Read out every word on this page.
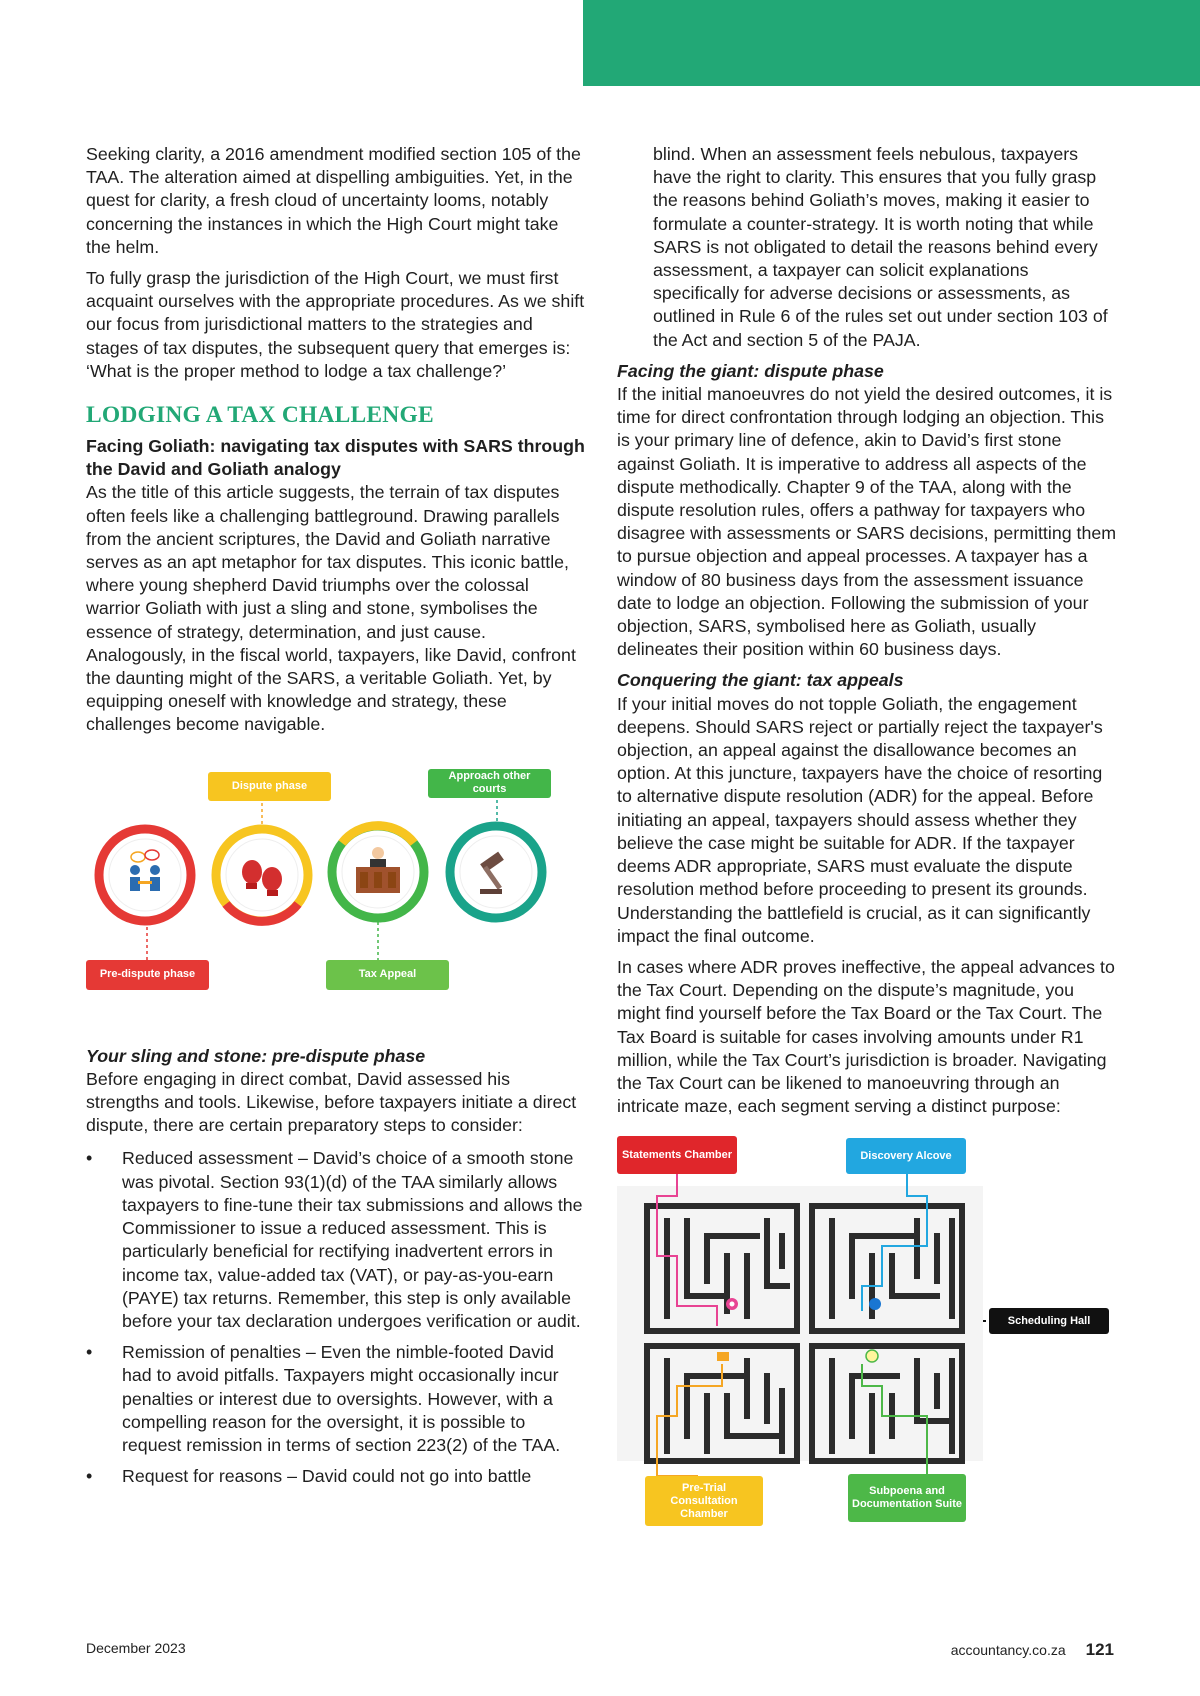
Seeking clarity, a 2016 amendment modified section 105 of the TAA. The alteration aimed at dispelling ambiguities. Yet, in the quest for clarity, a fresh cloud of uncertainty looms, notably concerning the instances in which the High Court might take the helm.

To fully grasp the jurisdiction of the High Court, we must first acquaint ourselves with the appropriate procedures. As we shift our focus from jurisdictional matters to the strategies and stages of tax disputes, the subsequent query that emerges is: ‘What is the proper method to lodge a tax challenge?’

LODGING A TAX CHALLENGE

Facing Goliath: navigating tax disputes with SARS through the David and Goliath analogy

As the title of this article suggests, the terrain of tax disputes often feels like a challenging battleground. Drawing parallels from the ancient scriptures, the David and Goliath narrative serves as an apt metaphor for tax disputes. This iconic battle, where young shepherd David triumphs over the colossal warrior Goliath with just a sling and stone, symbolises the essence of strategy, determination, and just cause. Analogously, in the fiscal world, taxpayers, like David, confront the daunting might of the SARS, a veritable Goliath. Yet, by equipping oneself with knowledge and strategy, these challenges become navigable.

Dispute phase
Approach other courts
Pre-dispute phase	Tax Appeal

Your sling and stone: pre-dispute phase

Before engaging in direct combat, David assessed his strengths and tools. Likewise, before taxpayers initiate a direct dispute, there are certain preparatory steps to consider:

• Reduced assessment – David’s choice of a smooth stone was pivotal. Section 93(1)(d) of the TAA similarly allows taxpayers to fine-tune their tax submissions and allows the Commissioner to issue a reduced assessment. This is particularly beneficial for rectifying inadvertent errors in income tax, value-added tax (VAT), or pay-as-you-earn (PAYE) tax returns. Remember, this step is only available before your tax declaration undergoes verification or audit.
• Remission of penalties – Even the nimble-footed David had to avoid pitfalls. Taxpayers might occasionally incur penalties or interest due to oversights. However, with a compelling reason for the oversight, it is possible to request remission in terms of section 223(2) of the TAA.
• Request for reasons – David could not go into battle

blind. When an assessment feels nebulous, taxpayers have the right to clarity. This ensures that you fully grasp the reasons behind Goliath’s moves, making it easier to formulate a counter-strategy. It is worth noting that while SARS is not obligated to detail the reasons behind every assessment, a taxpayer can solicit explanations specifically for adverse decisions or assessments, as outlined in Rule 6 of the rules set out under section 103 of the Act and section 5 of the PAJA.

Facing the giant: dispute phase

If the initial manoeuvres do not yield the desired outcomes, it is time for direct confrontation through lodging an objection. This is your primary line of defence, akin to David’s first stone against Goliath. It is imperative to address all aspects of the dispute methodically. Chapter 9 of the TAA, along with the dispute resolution rules, offers a pathway for taxpayers who disagree with assessments or SARS decisions, permitting them to pursue objection and appeal processes. A taxpayer has a window of 80 business days from the assessment issuance date to lodge an objection. Following the submission of your objection, SARS, symbolised here as Goliath, usually delineates their position within 60 business days.

Conquering the giant: tax appeals

If your initial moves do not topple Goliath, the engagement deepens. Should SARS reject or partially reject the taxpayer's objection, an appeal against the disallowance becomes an option. At this juncture, taxpayers have the choice of resorting to alternative dispute resolution (ADR) for the appeal. Before initiating an appeal, taxpayers should assess whether they believe the case might be suitable for ADR. If the taxpayer deems ADR appropriate, SARS must evaluate the dispute resolution method before proceeding to present its grounds. Understanding the battlefield is crucial, as it can significantly impact the final outcome.

In cases where ADR proves ineffective, the appeal advances to the Tax Court. Depending on the dispute’s magnitude, you might find yourself before the Tax Board or the Tax Court. The Tax Board is suitable for cases involving amounts under R1 million, while the Tax Court’s jurisdiction is broader. Navigating the Tax Court can be likened to manoeuvring through an intricate maze, each segment serving a distinct purpose:

Statements Chamber	Discovery Alcove
Scheduling Hall
Pre-Trial Consultation Chamber
Subpoena and Documentation Suite
December 2023	accountancy.co.za 121
